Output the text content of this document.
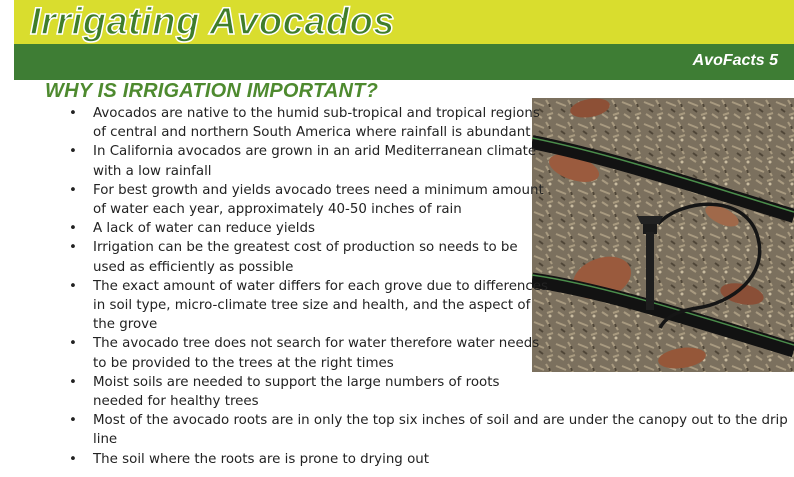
Irrigating Avocados
AvoFacts 5
WHY IS IRRIGATION IMPORTANT?
• Avocados are native to the humid sub-tropical and tropical regions
of central and northern South America where rainfall is abundant
• In California avocados are grown in an arid Mediterranean climate
with a low rainfall
• For best growth and yields avocado trees need a minimum amount
of water each year, approximately 40-50 inches of rain
• A lack of water can reduce yields
• Irrigation can be the greatest cost of production so needs to be
used as efficiently as possible
• The exact amount of water differs for each grove due to differences
in soil type, micro-climate tree size and health, and the aspect of
the grove
• The avocado tree does not search for water therefore water needs
to be provided to the trees at the right times
• Moist soils are needed to support the large numbers of roots
needed for healthy trees
• Most of the avocado roots are in only the top six inches of soil and are under the canopy out to the drip
line
• The soil where the roots are is prone to drying out
